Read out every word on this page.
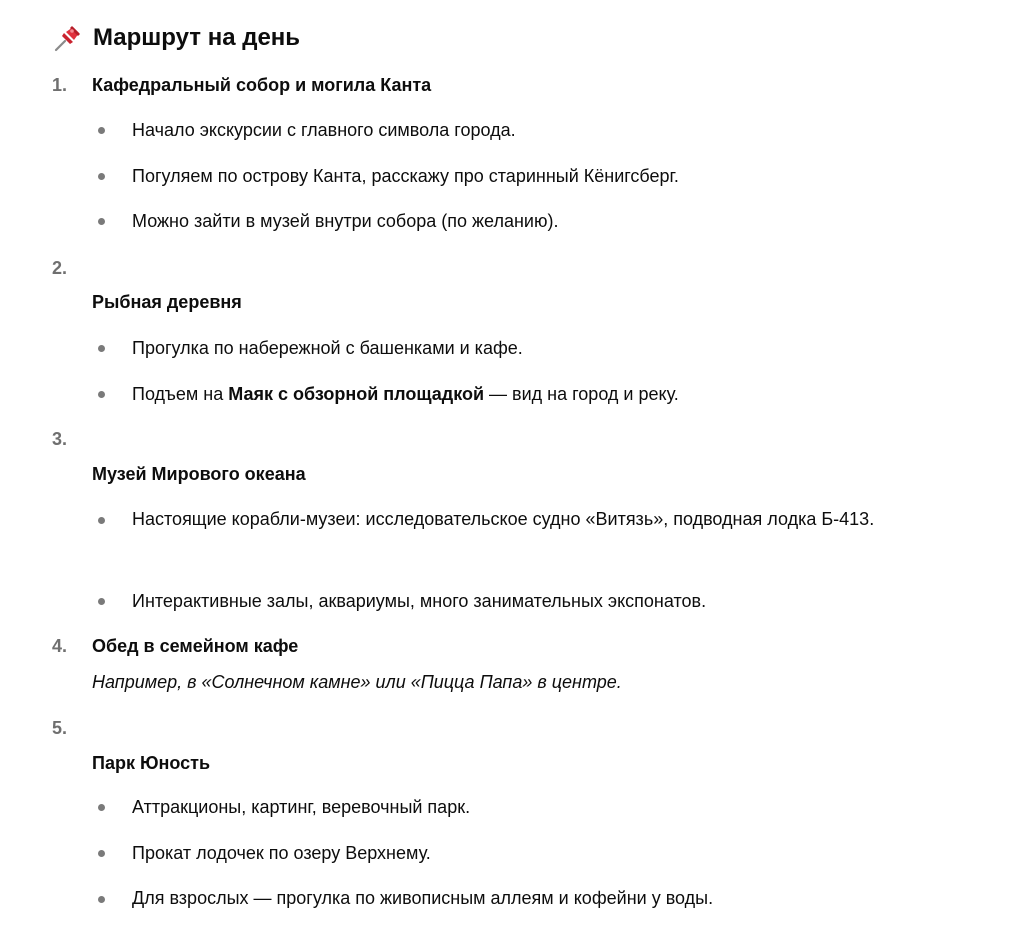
Маршрут на день
1. Кафедральный собор и могила Канта
Начало экскурсии с главного символа города.
Погуляем по острову Канта, расскажу про старинный Кёнигсберг.
Можно зайти в музей внутри собора (по желанию).
2.
Рыбная деревня
Прогулка по набережной с башенками и кафе.
Подъем на Маяк с обзорной площадкой — вид на город и реку.
3.
Музей Мирового океана
Настоящие корабли-музеи: исследовательское судно «Витязь», подводная лодка Б-413.
Интерактивные залы, аквариумы, много занимательных экспонатов.
4. Обед в семейном кафе
Например, в «Солнечном камне» или «Пицца Папа» в центре.
5.
Парк Юность
Аттракционы, картинг, веревочный парк.
Прокат лодочек по озеру Верхнему.
Для взрослых — прогулка по живописным аллеям и кофейни у воды.
